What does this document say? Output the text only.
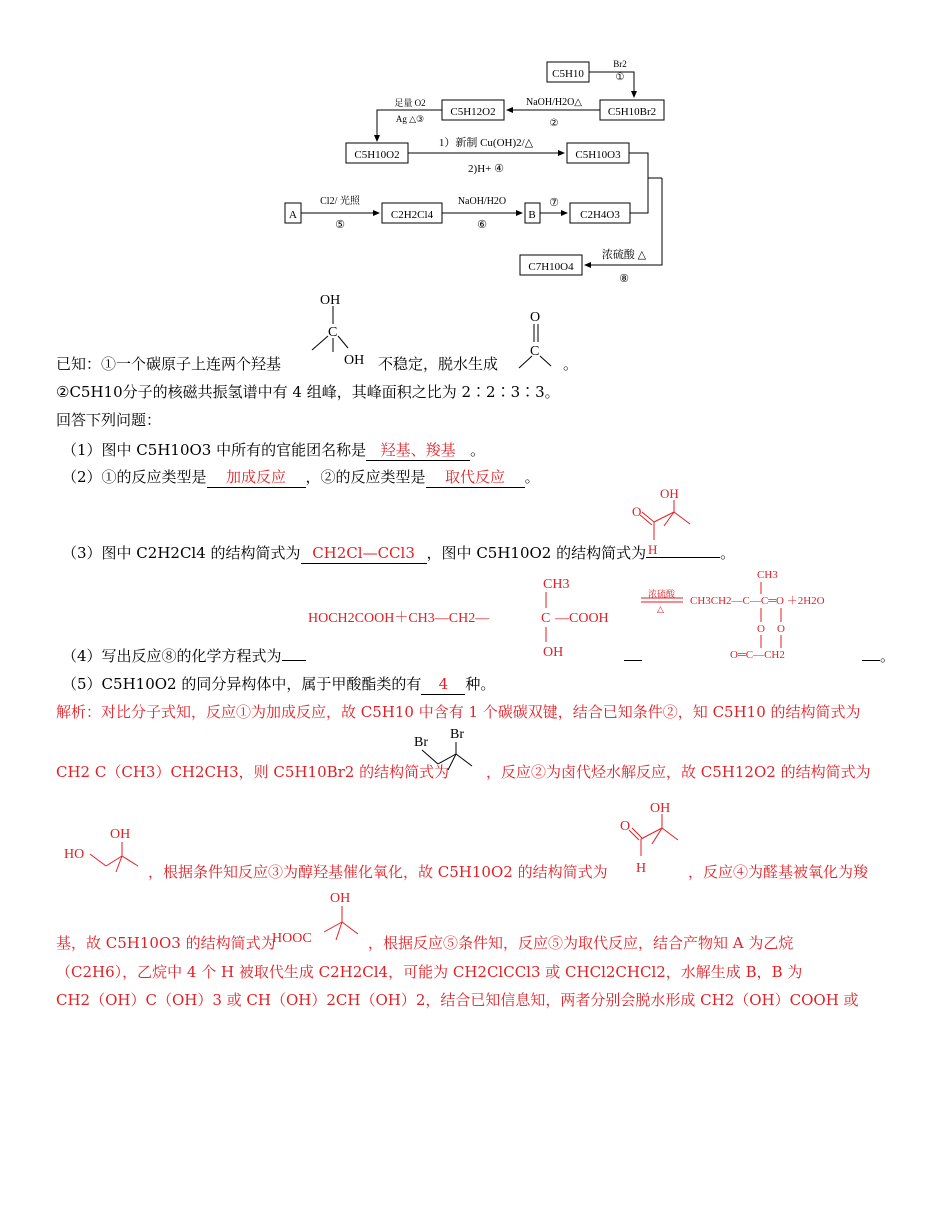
C5H10
C5H10Br2
C5H12O2
C5H10O2	C5H10O3
A	C2H2Cl4	B	C2H4O3
C7H10O4
Br2
①
NaOH/H2O△
②
足量 O2
Ag △③
1）新制 Cu(OH)2/△
2)H+ ④
Cl2/ 光照
⑤
NaOH/H2O
⑥
⑦
浓硫酸 △
⑧
已知：①一个碳原子上连两个羟基
OH
C
OH 不稳定，脱水生成
O
C
。
②C5H10分子的核磁共振氢谱中有 4 组峰，其峰面积之比为 2∶2∶3∶3。
回答下列问题：
（1）图中 C5H10O3 中所有的官能团名称是 羟基、羧基 。
（2）①的反应类型是 加成反应 ，②的反应类型是 取代反应 。
（3）图中 C2H2Cl4 的结构简式为 CH2Cl—CCl3 ，图中 C5H10O2 的结构简式为	。
O
OH
H
（4）写出反应⑧的化学方程式为	。
HOCH2COOH＋CH3—CH2—	C —COOH
CH3
OH
浓硫酸
△
CH3CH2—C—C═O ＋2H2O
CH3
O═C—CH2
O O
（5）C5H10O2 的同分异构体中，属于甲酸酯类的有 4 种。
解析：对比分子式知，反应①为加成反应，故 C5H10 中含有 1 个碳碳双键，结合已知条件②，知 C5H10 的结构简式为
CH2 C（CH3）CH2CH3，则 C5H10Br2 的结构简式为
Br
Br
，反应②为卤代烃水解反应，故 C5H12O2 的结构简式为
HO
OH
，根据条件知反应③为醇羟基催化氧化，故 C5H10O2 的结构简式为
O
OH
H	，反应④为醛基被氧化为羧
基，故 C5H10O3 的结构简式为
HOOC
OH
，根据反应⑤条件知，反应⑤为取代反应，结合产物知 A 为乙烷
（C2H6），乙烷中 4 个 H 被取代生成 C2H2Cl4，可能为 CH2ClCCl3 或 CHCl2CHCl2，水解生成 B，B 为
CH2（OH）C（OH）3 或 CH（OH）2CH（OH）2，结合已知信息知，两者分别会脱水形成 CH2（OH）COOH 或
